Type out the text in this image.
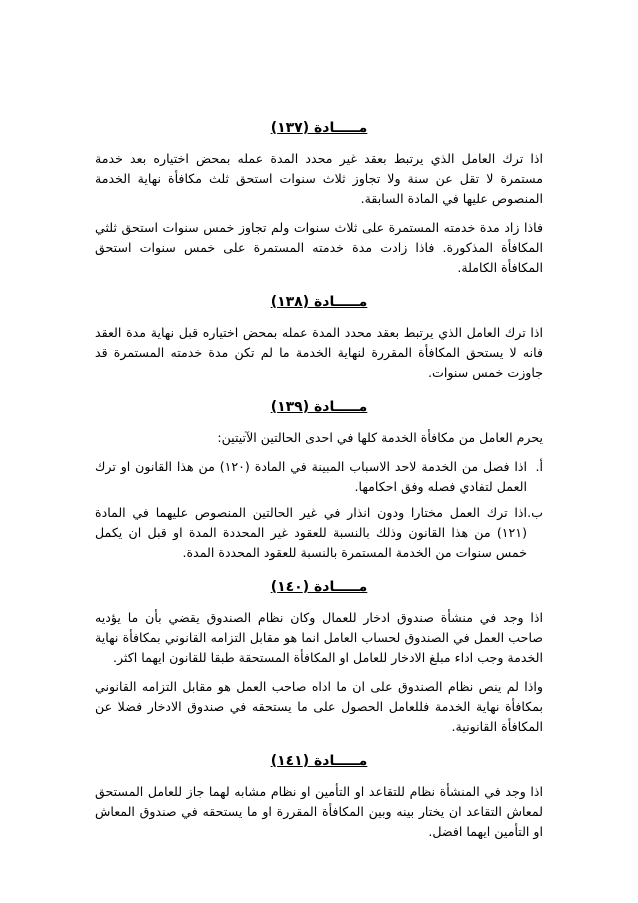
مـــــادة (١٣٧)

اذا ترك العامل الذي يرتبط بعقد غير محدد المدة عمله بمحض اختياره بعد خدمة مستمرة لا تقل عن سنة ولا تجاوز ثلاث سنوات استحق ثلث مكافأة نهاية الخدمة المنصوص عليها في المادة السابقة.

فاذا زاد مدة خدمته المستمرة على ثلاث سنوات ولم تجاوز خمس سنوات استحق ثلثي المكافأة المذكورة. فاذا زادت مدة خدمته المستمرة على خمس سنوات استحق المكافأة الكاملة.

مـــــادة (١٣٨)

اذا ترك العامل الذي يرتبط بعقد محدد المدة عمله بمحض اختياره قبل نهاية مدة العقد فانه لا يستحق المكافأة المقررة لنهاية الخدمة ما لم تكن مدة خدمته المستمرة قد جاوزت خمس سنوات.

مـــــادة (١٣٩)

يحرم العامل من مكافأة الخدمة كلها في احدى الحالتين الآتيتين:

أ.
اذا فصل من الخدمة لاحد الاسباب المبينة في المادة (١٢٠) من هذا القانون او ترك العمل لتفادي فصله وفق احكامها.
ب.
اذا ترك العمل مختارا ودون انذار في غير الحالتين المنصوص عليهما في المادة (١٢١) من هذا القانون وذلك بالنسبة للعقود غير المحددة المدة او قبل ان يكمل خمس سنوات من الخدمة المستمرة بالنسبة للعقود المحددة المدة.
مـــــادة (١٤٠)

اذا وجد في منشأة صندوق ادخار للعمال وكان نظام الصندوق يقضي بأن ما يؤديه صاحب العمل في الصندوق لحساب العامل انما هو مقابل التزامه القانوني بمكافأة نهاية الخدمة وجب اداء مبلغ الادخار للعامل او المكافأة المستحقة طبقا للقانون ايهما اكثر.

واذا لم ينص نظام الصندوق على ان ما اداه صاحب العمل هو مقابل التزامه القانوني بمكافأة نهاية الخدمة فللعامل الحصول على ما يستحقه في صندوق الادخار فضلا عن المكافأة القانونية.

مـــــادة (١٤١)

اذا وجد في المنشأة نظام للتقاعد او التأمين او نظام مشابه لهما جاز للعامل المستحق لمعاش التقاعد ان يختار بينه وبين المكافأة المقررة او ما يستحقه في صندوق المعاش او التأمين ايهما افضل.
